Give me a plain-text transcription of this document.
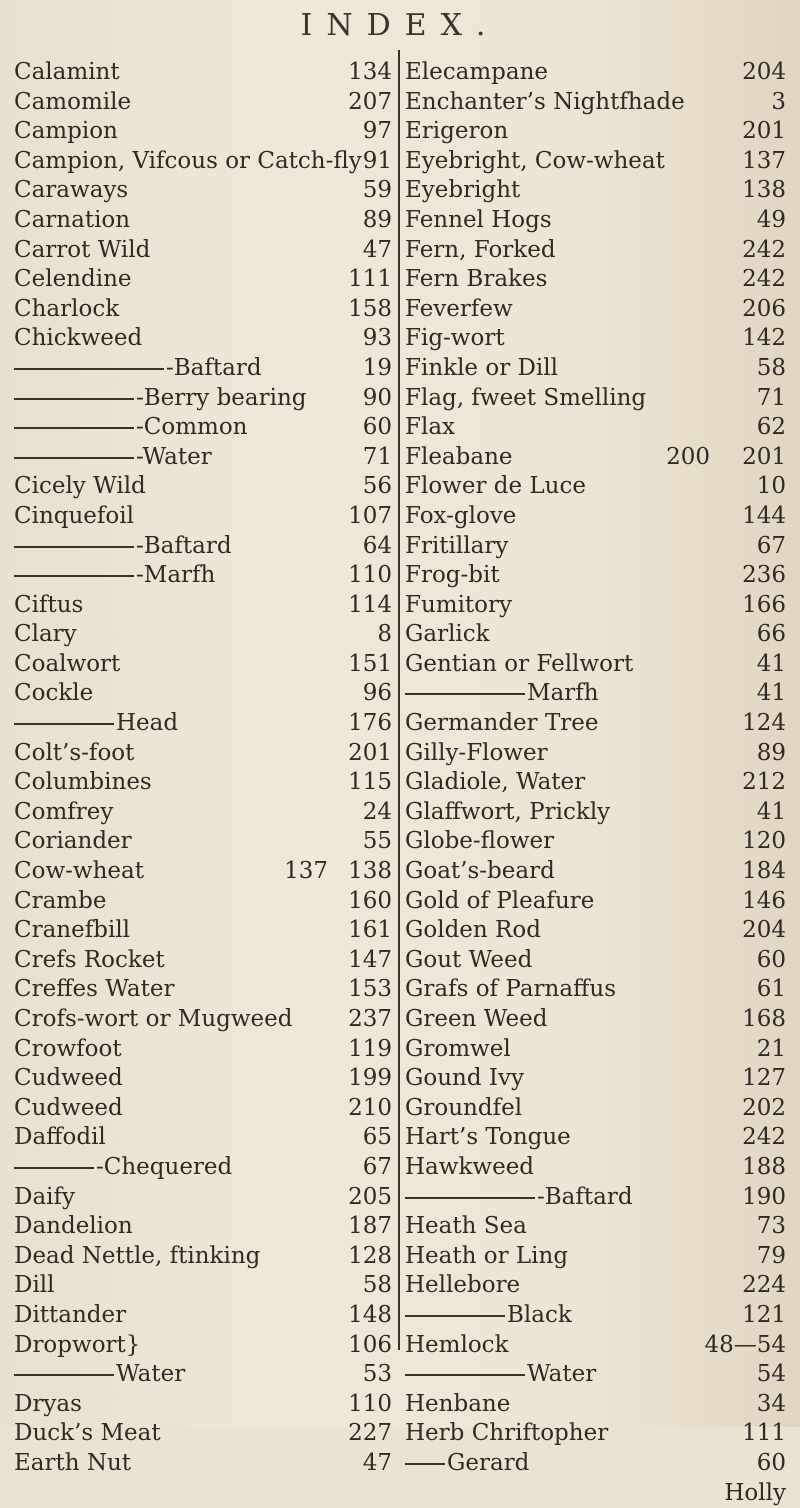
INDEX.
Calamint	134
Camomile	207
Campion	97
Campion, Vifcous or Catch-fly 91
Caraways	59
Carnation	89
Carrot Wild	47
Celendine	111
Charlock	158
Chickweed	93
-Baftard	19
-Berry bearing 90
-Common	60
-Water	71
Cicely Wild	56
Cinquefoil	107
-Baftard	64
-Marfh	110
Ciftus	114
Clary	8
Coalwort	151
Cockle	96
Head	176
Colt’s-foot	201
Columbines	115
Comfrey	24
Coriander	55
Cow-wheat	137 138
Crambe	160
Cranefbill	161
Crefs Rocket	147
Creffes Water	153
Crofs-wort or Mugweed 237
Crowfoot	119
Cudweed	199
Cudweed	210
Daffodil	65
-Chequered	67
Daify	205
Dandelion	187
Dead Nettle, ftinking	128
Dill	58
Dittander	148
Dropwort}	106
Water	53
Dryas	110
Duck’s Meat	227
Earth Nut	47
Elecampane	204
Enchanter’s Nightfhade	3
Erigeron	201
Eyebright, Cow-wheat	137
Eyebright	138
Fennel Hogs	49
Fern, Forked	242
Fern Brakes	242
Feverfew	206
Fig-wort	142
Finkle or Dill	58
Flag, fweet Smelling	71
Flax	62
Fleabane	200 201
Flower de Luce	10
Fox-glove	144
Fritillary	67
Frog-bit	236
Fumitory	166
Garlick	66
Gentian or Fellwort	41
Marfh	41
Germander Tree	124
Gilly-Flower	89
Gladiole, Water	212
Glaffwort, Prickly	41
Globe-flower	120
Goat’s-beard	184
Gold of Pleafure	146
Golden Rod	204
Gout Weed	60
Grafs of Parnaffus	61
Green Weed	168
Gromwel	21
Gound Ivy	127
Groundfel	202
Hart’s Tongue	242
Hawkweed	188
-Baftard	190
Heath Sea	73
Heath or Ling	79
Hellebore	224
Black	121
Hemlock	48—54
Water	54
Henbane	34
Herb Chriftopher	111
Gerard	60
Holly
